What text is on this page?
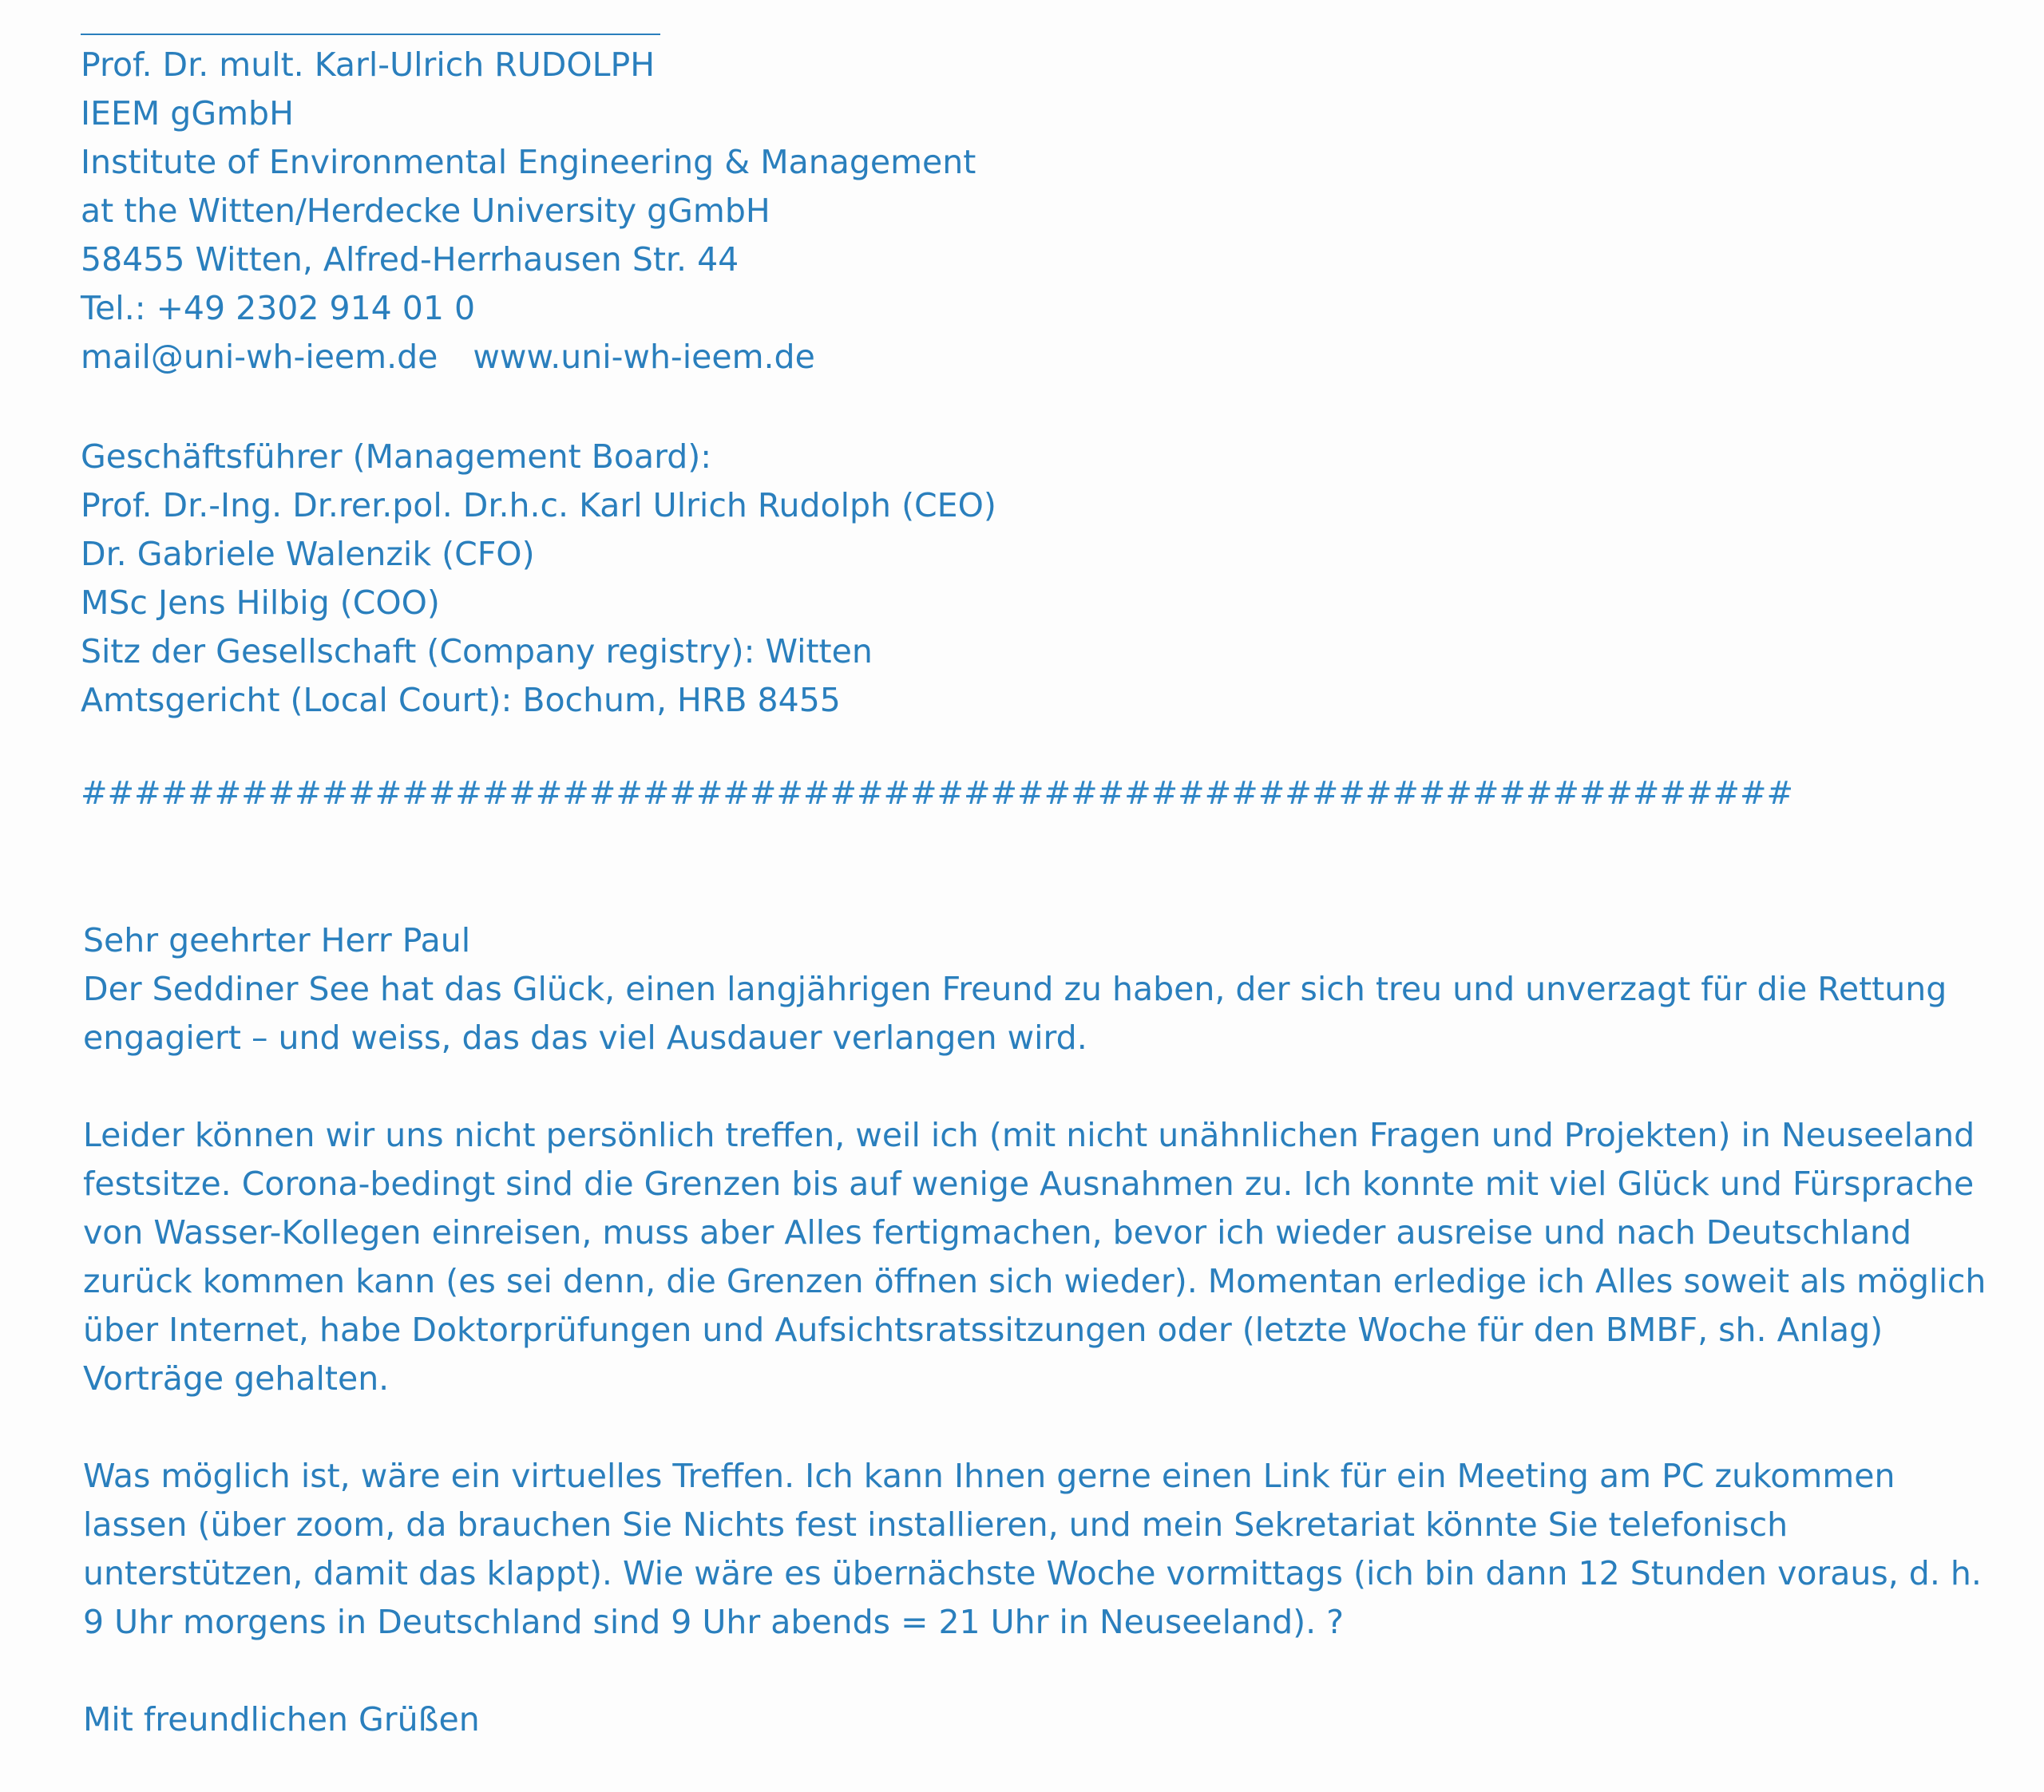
Prof. Dr. mult. Karl-Ulrich RUDOLPH
IEEM gGmbH
Institute of Environmental Engineering & Management
at the Witten/Herdecke University gGmbH
58455 Witten, Alfred-Herrhausen Str. 44
Tel.: +49 2302 914 01 0
mail@uni-wh-ieem.de www.uni-wh-ieem.de
Geschäftsführer (Management Board):
Prof. Dr.-Ing. Dr.rer.pol. Dr.h.c. Karl Ulrich Rudolph (CEO)
Dr. Gabriele Walenzik (CFO)
MSc Jens Hilbig (COO)
Sitz der Gesellschaft (Company registry): Witten
Amtsgericht (Local Court): Bochum, HRB 8455
################################################################
Sehr geehrter Herr Paul
Der Seddiner See hat das Glück, einen langjährigen Freund zu haben, der sich treu und unverzagt für die Rettung
engagiert – und weiss, das das viel Ausdauer verlangen wird.
Leider können wir uns nicht persönlich treffen, weil ich (mit nicht unähnlichen Fragen und Projekten) in Neuseeland
festsitze. Corona-bedingt sind die Grenzen bis auf wenige Ausnahmen zu. Ich konnte mit viel Glück und Fürsprache
von Wasser-Kollegen einreisen, muss aber Alles fertigmachen, bevor ich wieder ausreise und nach Deutschland
zurück kommen kann (es sei denn, die Grenzen öffnen sich wieder). Momentan erledige ich Alles soweit als möglich
über Internet, habe Doktorprüfungen und Aufsichtsratssitzungen oder (letzte Woche für den BMBF, sh. Anlag)
Vorträge gehalten.
Was möglich ist, wäre ein virtuelles Treffen. Ich kann Ihnen gerne einen Link für ein Meeting am PC zukommen
lassen (über zoom, da brauchen Sie Nichts fest installieren, und mein Sekretariat könnte Sie telefonisch
unterstützen, damit das klappt). Wie wäre es übernächste Woche vormittags (ich bin dann 12 Stunden voraus, d. h.
9 Uhr morgens in Deutschland sind 9 Uhr abends = 21 Uhr in Neuseeland). ?
Mit freundlichen Grüßen
